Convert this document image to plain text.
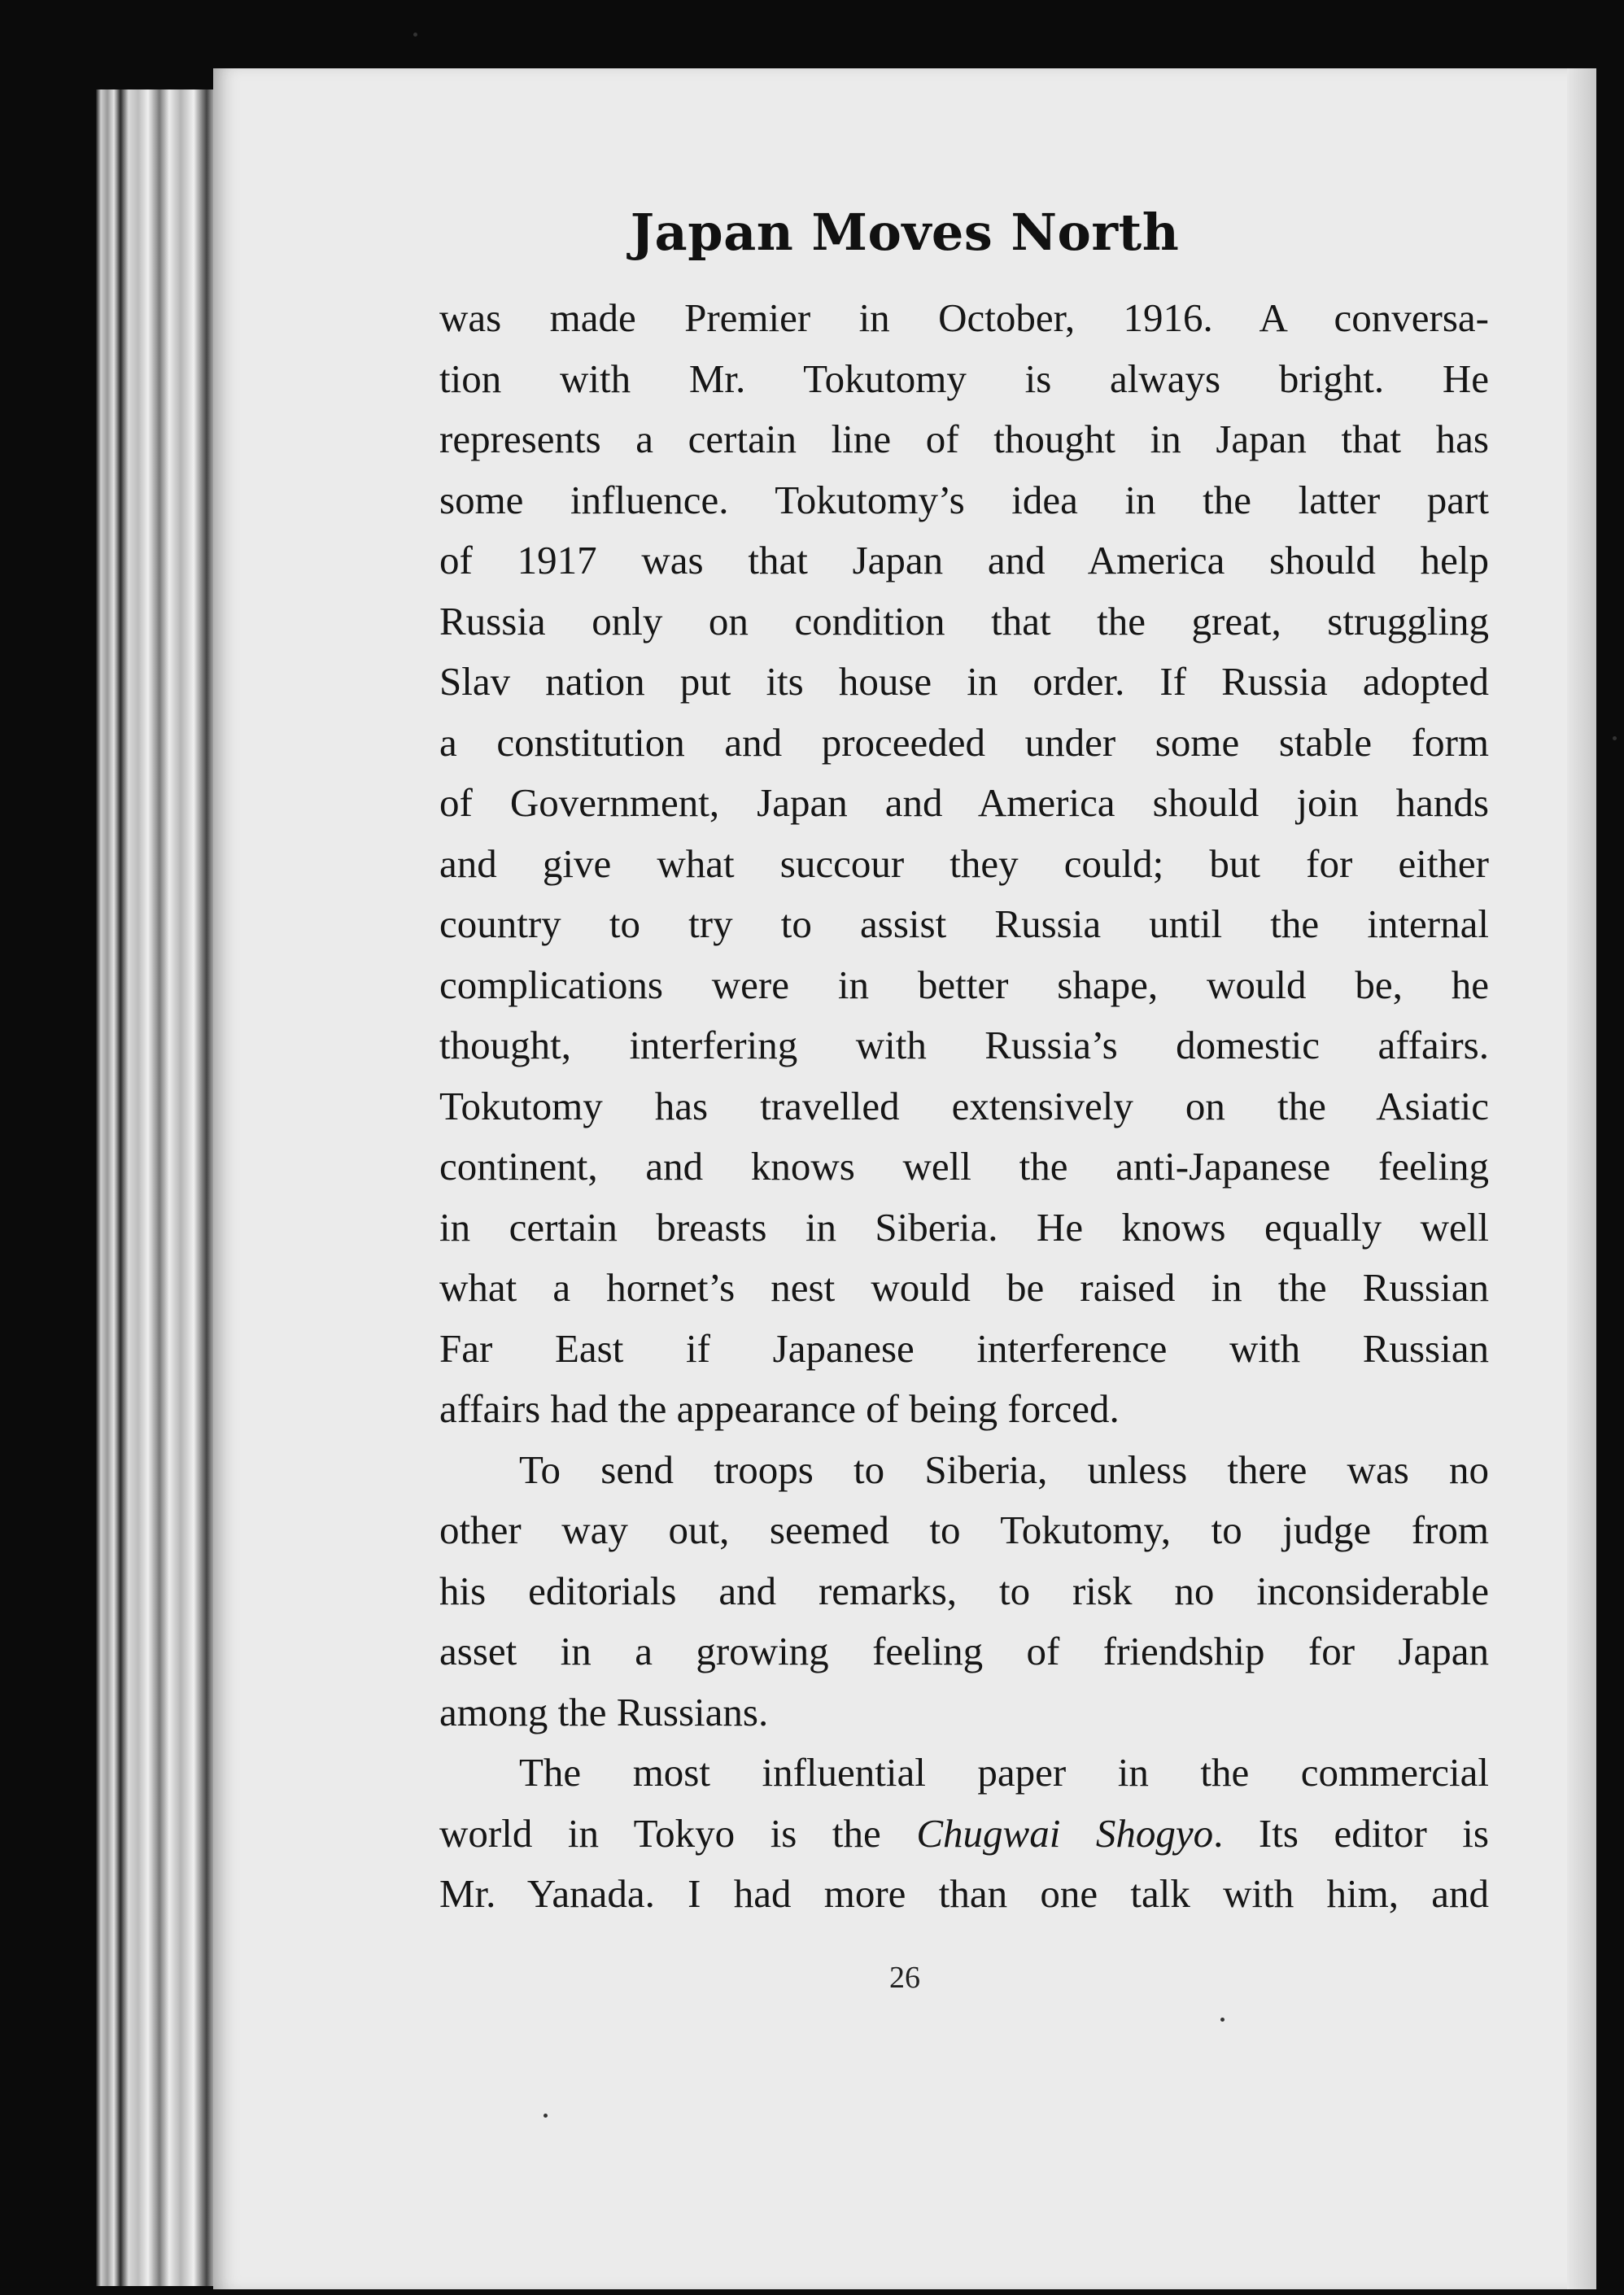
Japan Moves North
was made Premier in October, 1916. A conversa-
tion with Mr. Tokutomy is always bright. He
represents a certain line of thought in Japan that has
some influence. Tokutomy’s idea in the latter part
of 1917 was that Japan and America should help
Russia only on condition that the great, struggling
Slav nation put its house in order. If Russia adopted
a constitution and proceeded under some stable form
of Government, Japan and America should join hands
and give what succour they could; but for either
country to try to assist Russia until the internal
complications were in better shape, would be, he
thought, interfering with Russia’s domestic affairs.
Tokutomy has travelled extensively on the Asiatic
continent, and knows well the anti-Japanese feeling
in certain breasts in Siberia. He knows equally well
what a hornet’s nest would be raised in the Russian
Far East if Japanese interference with Russian
affairs had the appearance of being forced.
To send troops to Siberia, unless there was no
other way out, seemed to Tokutomy, to judge from
his editorials and remarks, to risk no inconsiderable
asset in a growing feeling of friendship for Japan
among the Russians.
The most influential paper in the commercial
world in Tokyo is the Chugwai Shogyo. Its editor is
Mr. Yanada. I had more than one talk with him, and
26
